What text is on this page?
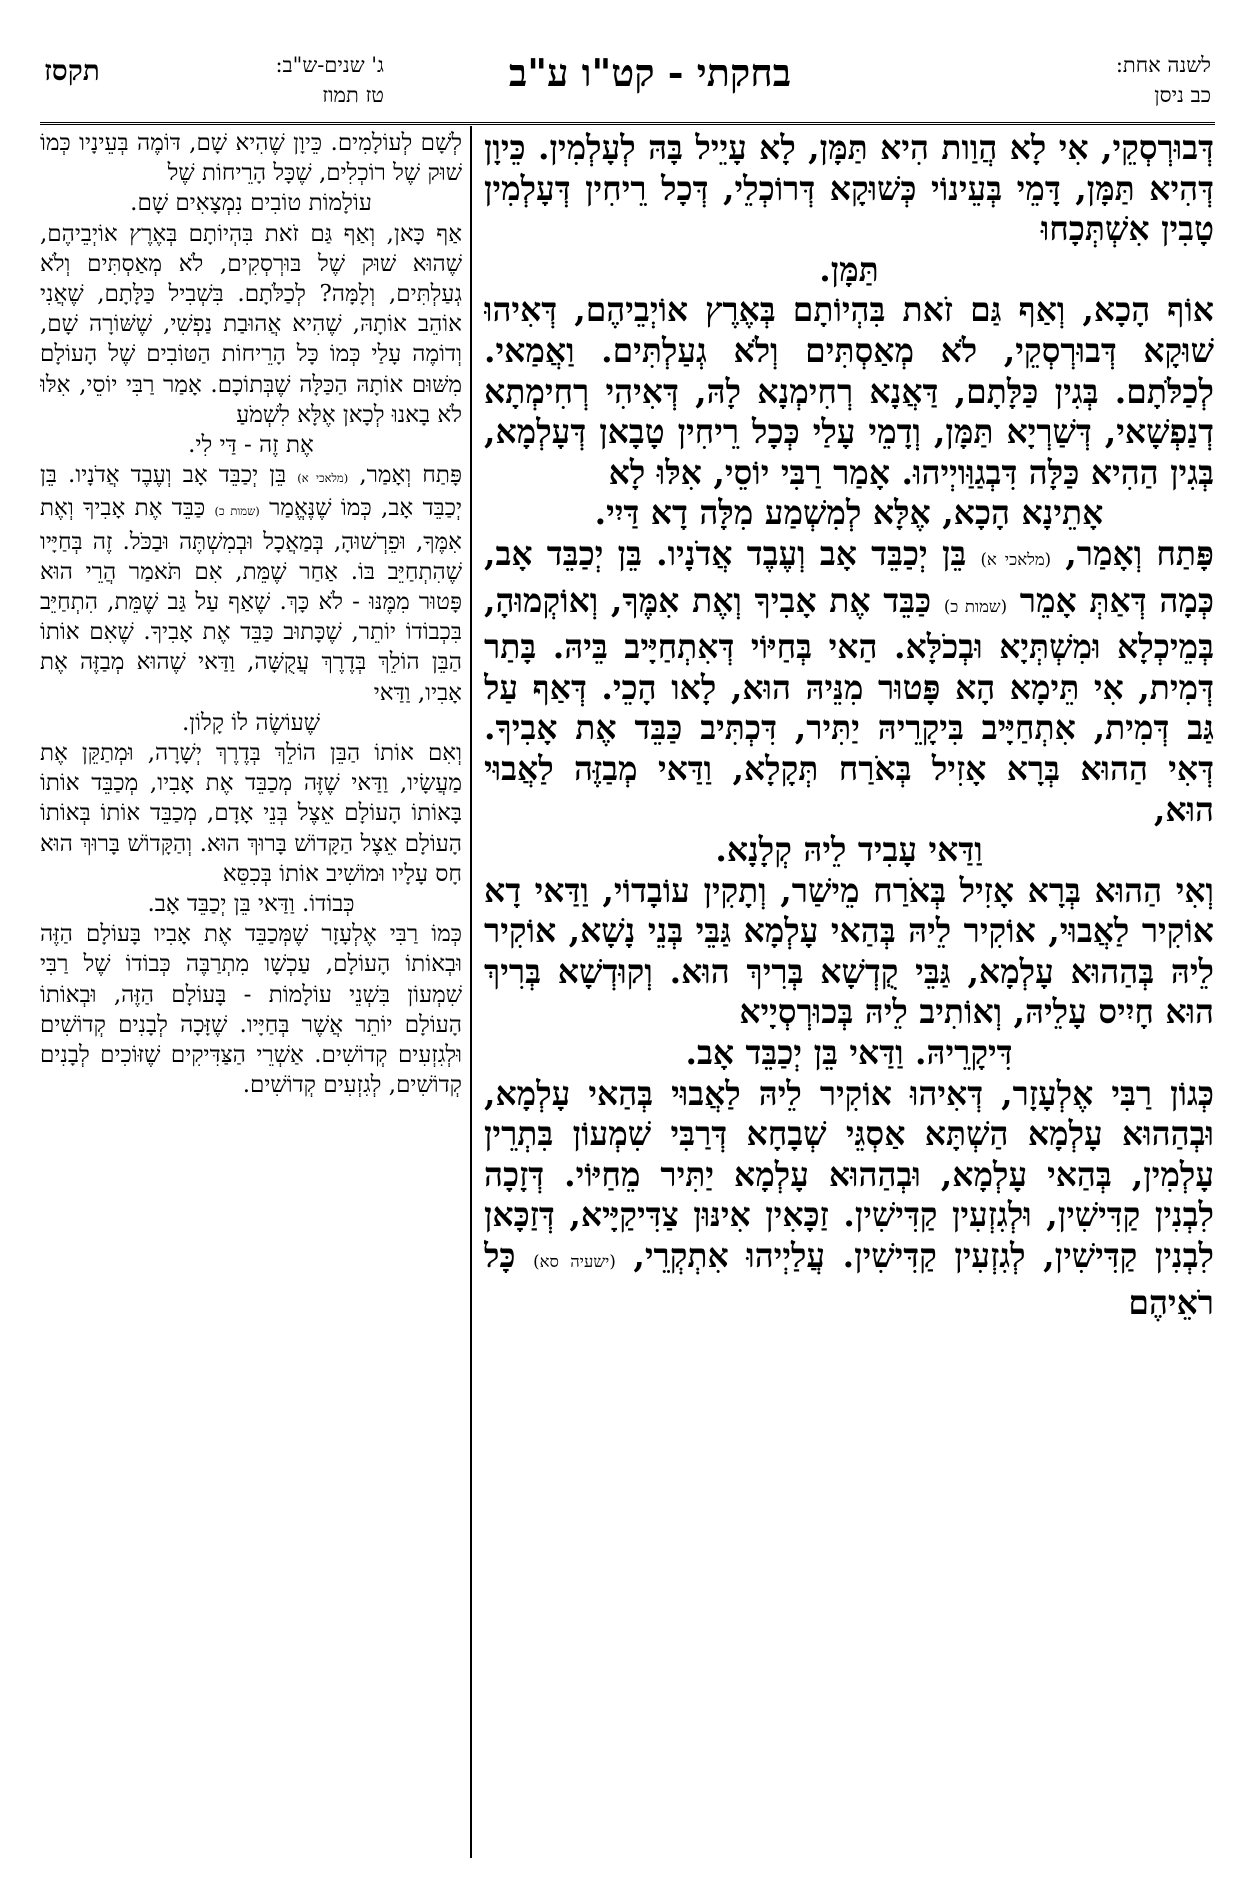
תקסז	ג' שנים-ש"ב:
טז תמוז	בחקתי - קט"ו ע"ב	לשנה אחת:
כב ניסן

דְּבוּרְסְקֵי, אִי לָא הֲוַות הִיא תַּמָּן, לָא עָיֵיל בָּהּ לְעָלְמִין. כֵּיוָן דְּהִיא תַּמָּן, דָּמֵי בְּעֵינוֹי כְּשׁוּקָא דְּרוֹכְלֵי, דְּכָל רֵיחִין דְּעָלְמִין טָבִין אִשְׁתְּכָחוּ

תַּמָּן.

אוֹף הָכָא, וְאַף גַּם זֹאת בִּהְיוֹתָם בְּאֶרֶץ אוֹיְבֵיהֶם, דְּאִיהוּ שׁוּקָא דְּבוּרְסְקֵי, לֹא מְאַסְתִּים וְלֹא גְעַלְתִּים. וַאֲמַאי. לְכַלֹּתָם. בְּגִין כַּלָּתָם, דַּאֲנָא רְחִימְנָא לָהּ, דְּאִיהִי רְחִימְתָא דְנַפְשָׁאי, דְּשַׁרְיָא תַּמָּן, וְדָמֵי עָלַי כְּכָל רֵיחִין טָבָאן דְּעָלְמָא, בְּגִין הַהִיא כַּלָּה דִּבְגַוַּויְיהוּ. אָמַר רַבִּי יוֹסֵי, אִלּוּ לָא

אָתֵינָא הָכָא, אֶלָּא לְמִשְׁמַע מִלָּה דָא דַּיִי.

פָּתַח וְאָמַר, (מלאכי א) בֵּן יְכַבֵּד אָב וְעֶבֶד אֲדֹנָיו. בֵּן יְכַבֵּד אָב, כְּמָה דְּאַתְּ אָמֵר (שמות כ) כַּבֵּד אֶת אָבִיךָ וְאֶת אִמֶּךָ, וְאוֹקְמוּהָ, בְּמֵיכְלָא וּמִשְׁתְּיָא וּבְכֹלָּא. הַאי בְּחַיּוֹי דְּאִתְחַיָּיב בֵּיהּ. בָּתַר דְּמִית, אִי תֵּימָא הָא פָּטוּר מִנֵּיהּ הוּא, לָאו הָכֵי. דְּאַף עַל גַּב דְּמִית, אִתְחַיָּיב בִּיקָרֵיהּ יַתִּיר, דִּכְתִּיב כַּבֵּד אֶת אָבִיךָ. דְּאִי הַהוּא בְּרָא אָזִיל בְּאֹרַח תְּקָלָא, וַדַּאי מְבַזֶּה לַאֲבוּי הוּא,

וַדַּאי עָבִיד לֵיהּ קְלָנָא.

וְאִי הַהוּא בְּרָא אָזִיל בְּאֹרַח מֵישַׁר, וְתָקִין עוֹבָדוֹי, וַדַּאי דָא אוֹקִיר לַאֲבוּי, אוֹקִיר לֵיהּ בְּהַאי עָלְמָא גַּבֵּי בְּנֵי נָשָׁא, אוֹקִיר לֵיהּ בְּהַהוּא עָלְמָא, גַּבֵּי קֻדְשָׁא בְּרִיךְ הוּא. וְקוּדְשָׁא בְּרִיךְ הוּא חָיִיס עָלֵיהּ, וְאוֹתִיב לֵיהּ בְּכוּרְסְיָיא

דִּיקָרֵיהּ. וַדַּאי בֵּן יְכַבֵּד אָב.

כְּגוֹן רַבִּי אֶלְעָזָר, דְּאִיהוּ אוֹקִיר לֵיהּ לַאֲבוּי בְּהַאי עָלְמָא, וּבְהַהוּא עָלְמָא הַשְׁתָּא אַסְגֵּי שְׁבָחָא דְּרַבִּי שִׁמְעוֹן בִּתְרֵין עָלְמִין, בְּהַאי עָלְמָא, וּבְהַהוּא עָלְמָא יַתִּיר מֵחַיּוֹי. דְּזָכָה לִבְנִין קַדִּישִׁין, וּלְגִזְעִין קַדִּישִׁין. זַכָּאִין אִינּוּן צַדִּיקַיָּיא, דְּזַכָּאן לִבְנִין קַדִּישִׁין, לְגִזְעִין קַדִּישִׁין. עֲלַיְיהוּ אִתְקְרֵי, (ישעיה סא) כָּל רֹאֵיהֶם

לְשָׁם לְעוֹלָמִים. כֵּיוָן שֶׁהִיא שָׁם, דּוֹמֶה בְּעֵינָיו כְּמוֹ שׁוּק שֶׁל רוֹכְלִים, שֶׁכָּל הָרֵיחוֹת שֶׁל

עוֹלָמוֹת טוֹבִים נִמְצָאִים שָׁם.

אַף כָּאן, וְאַף גַּם זֹאת בִּהְיוֹתָם בְּאֶרֶץ אוֹיְבֵיהֶם, שֶׁהוּא שׁוּק שֶׁל בּוּרְסְקִים, לֹא מְאַסְתִּים וְלֹא גְעַלְתִּים, וְלָמָּה? לְכַלֹּתָם. בִּשְׁבִיל כַּלָּתָם, שֶׁאֲנִי אוֹהֵב אוֹתָהּ, שֶׁהִיא אֲהוּבַת נַפְשִׁי, שֶׁשּׁוֹרָה שָׁם, וְדוֹמֶה עָלַי כְּמוֹ כָּל הָרֵיחוֹת הַטּוֹבִים שֶׁל הָעוֹלָם מִשּׁוּם אוֹתָהּ הַכַּלָּה שֶׁבְּתוֹכָם. אָמַר רַבִּי יוֹסֵי, אִלּוּ לֹא בָאנוּ לְכָאן אֶלָּא לִשְׁמֹעַ

אֶת זֶה - דַּי לִי.

פָּתַח וְאָמַר, (מלאכי א) בֵּן יְכַבֵּד אָב וְעֶבֶד אֲדֹנָיו. בֵּן יְכַבֵּד אָב, כְּמוֹ שֶׁנֶּאֱמַר (שמות כ) כַּבֵּד אֶת אָבִיךָ וְאֶת אִמֶּךָ, וּפֵרְשׁוּהָ, בְּמַאֲכָל וּבְמִשְׁתֶּה וּבַכֹּל. זֶה בְּחַיָּיו שֶׁהִתְחַיֵּב בּוֹ. אַחַר שֶׁמֵּת, אִם תֹּאמַר הֲרֵי הוּא פָּטוּר מִמֶּנּוּ - לֹא כָּךְ. שֶׁאַף עַל גַּב שֶׁמֵּת, הִתְחַיֵּב בִּכְבוֹדוֹ יוֹתֵר, שֶׁכָּתוּב כַּבֵּד אֶת אָבִיךָ. שֶׁאִם אוֹתוֹ הַבֵּן הוֹלֵךְ בְּדֶרֶךְ עֲקֻשָּׁה, וַדַּאי שֶׁהוּא מְבַזֶּה אֶת אָבִיו, וַדַּאי

שֶׁעוֹשֶׂה לוֹ קָלוֹן.

וְאִם אוֹתוֹ הַבֵּן הוֹלֵךְ בְּדֶרֶךְ יְשָׁרָה, וּמְתַקֵּן אֶת מַעֲשָׂיו, וַדַּאי שֶׁזֶּה מְכַבֵּד אֶת אָבִיו, מְכַבֵּד אוֹתוֹ בָּאוֹתוֹ הָעוֹלָם אֵצֶל בְּנֵי אָדָם, מְכַבֵּד אוֹתוֹ בְּאוֹתוֹ הָעוֹלָם אֵצֶל הַקָּדוֹשׁ בָּרוּךְ הוּא. וְהַקָּדוֹשׁ בָּרוּךְ הוּא חָס עָלָיו וּמוֹשִׁיב אוֹתוֹ בְּכִסֵּא

כְּבוֹדוֹ. וַדַּאי בֵּן יְכַבֵּד אָב.

כְּמוֹ רַבִּי אֶלְעָזָר שֶׁמְּכַבֵּד אֶת אָבִיו בָּעוֹלָם הַזֶּה וּבְאוֹתוֹ הָעוֹלָם, עַכְשָׁו מִתְרַבֶּה כְּבוֹדוֹ שֶׁל רַבִּי שִׁמְעוֹן בִּשְׁנֵי עוֹלָמוֹת - בָּעוֹלָם הַזֶּה, וּבְאוֹתוֹ הָעוֹלָם יוֹתֵר אֲשֶׁר בְּחַיָּיו. שֶׁזָּכָה לְבָנִים קְדוֹשִׁים וּלְגִזְעִים קְדוֹשִׁים. אַשְׁרֵי הַצַּדִּיקִים שֶׁזּוֹכִים לְבָנִים קְדוֹשִׁים, לְגִזְעִים קְדוֹשִׁים.
